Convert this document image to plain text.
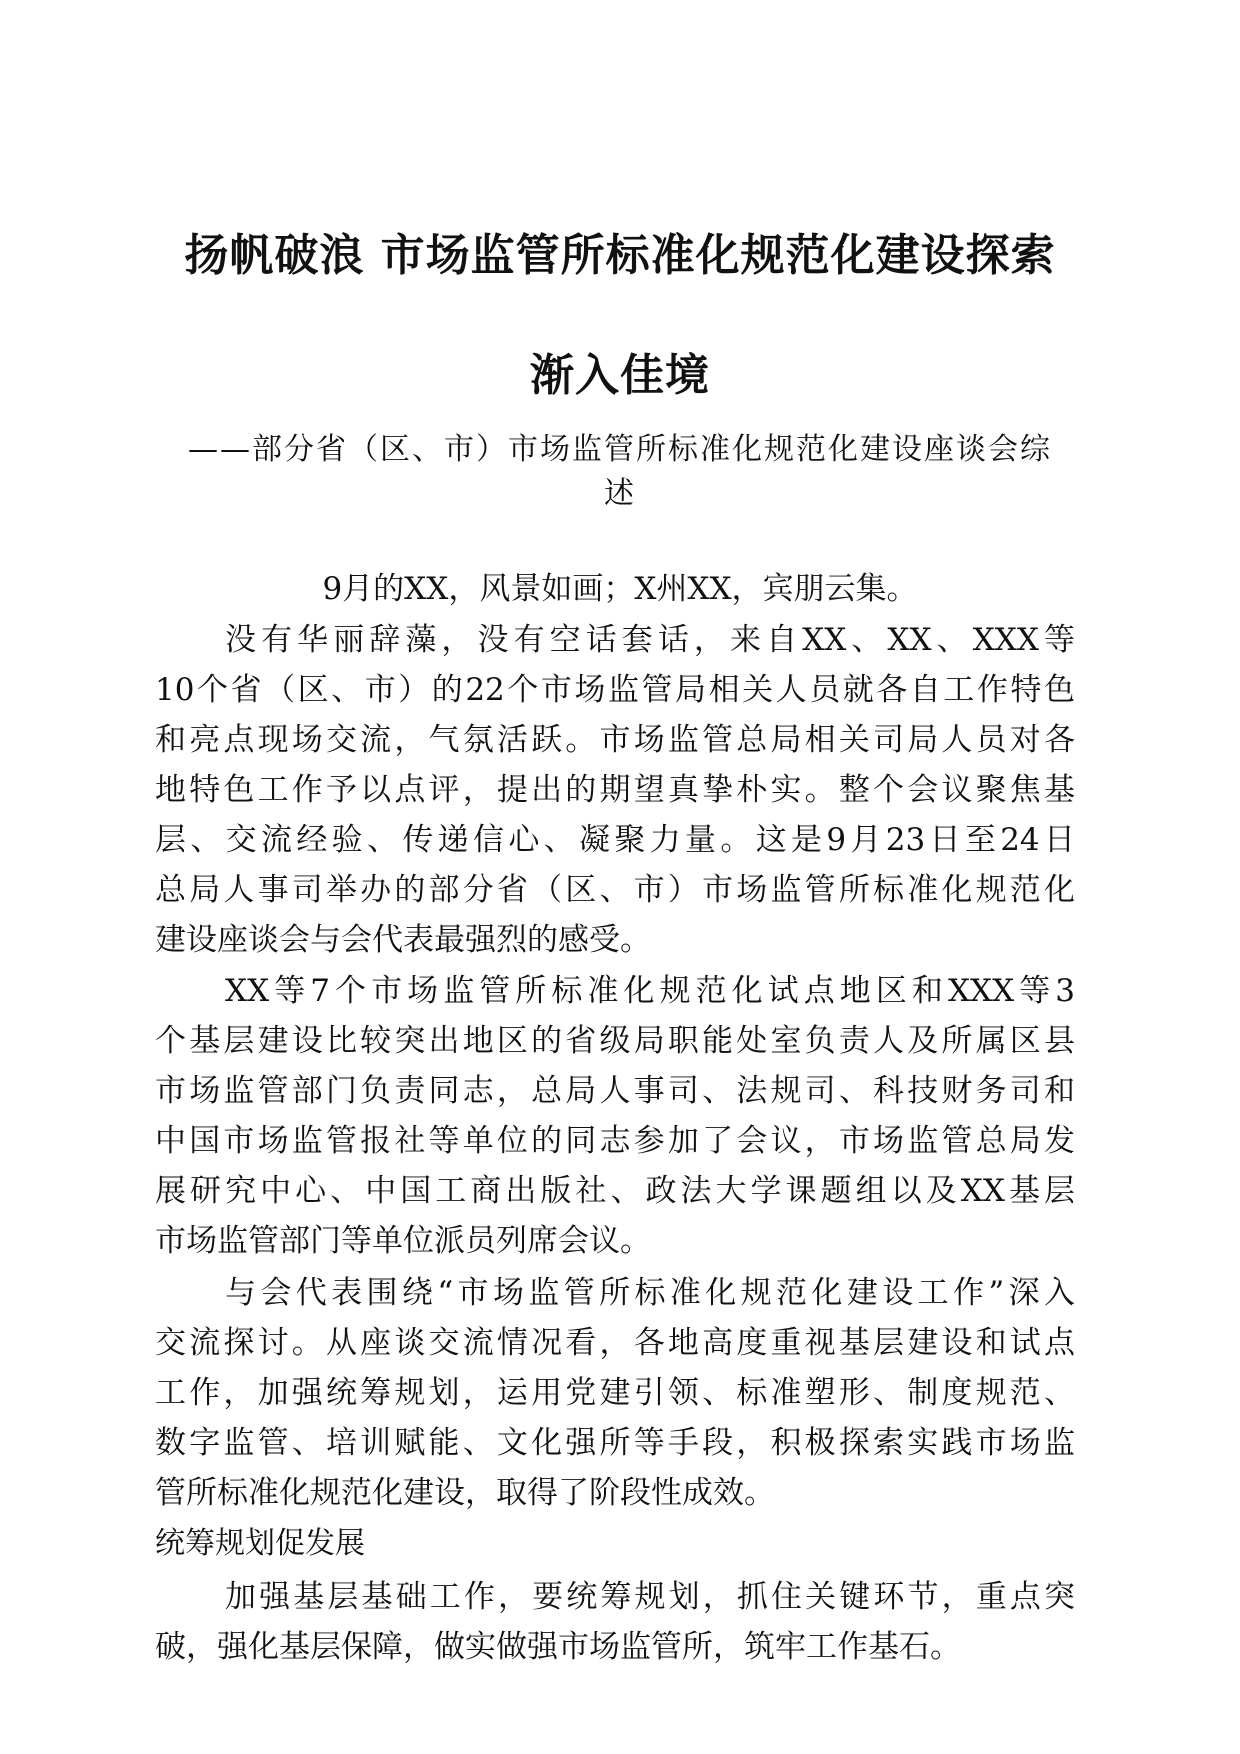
扬帆破浪 市场监管所标准化规范化建设探索
渐入佳境

——部分省（区、市）市场监管所标准化规范化建设座谈会综

述

9月的XX，风景如画；X州XX，宾朋云集。
没有华丽辞藻，没有空话套话，来自XX、XX、XXX等
10个省（区、市）的22个市场监管局相关人员就各自工作特色
和亮点现场交流，气氛活跃。市场监管总局相关司局人员对各
地特色工作予以点评，提出的期望真挚朴实。整个会议聚焦基
层、交流经验、传递信心、凝聚力量。这是9月23日至24日
总局人事司举办的部分省（区、市）市场监管所标准化规范化
建设座谈会与会代表最强烈的感受。
XX等7个市场监管所标准化规范化试点地区和XXX等3
个基层建设比较突出地区的省级局职能处室负责人及所属区县
市场监管部门负责同志，总局人事司、法规司、科技财务司和
中国市场监管报社等单位的同志参加了会议，市场监管总局发
展研究中心、中国工商出版社、政法大学课题组以及XX基层
市场监管部门等单位派员列席会议。
与会代表围绕“市场监管所标准化规范化建设工作”深入
交流探讨。从座谈交流情况看，各地高度重视基层建设和试点
工作，加强统筹规划，运用党建引领、标准塑形、制度规范、
数字监管、培训赋能、文化强所等手段，积极探索实践市场监
管所标准化规范化建设，取得了阶段性成效。
统筹规划促发展
加强基层基础工作，要统筹规划，抓住关键环节，重点突
破，强化基层保障，做实做强市场监管所，筑牢工作基石。
